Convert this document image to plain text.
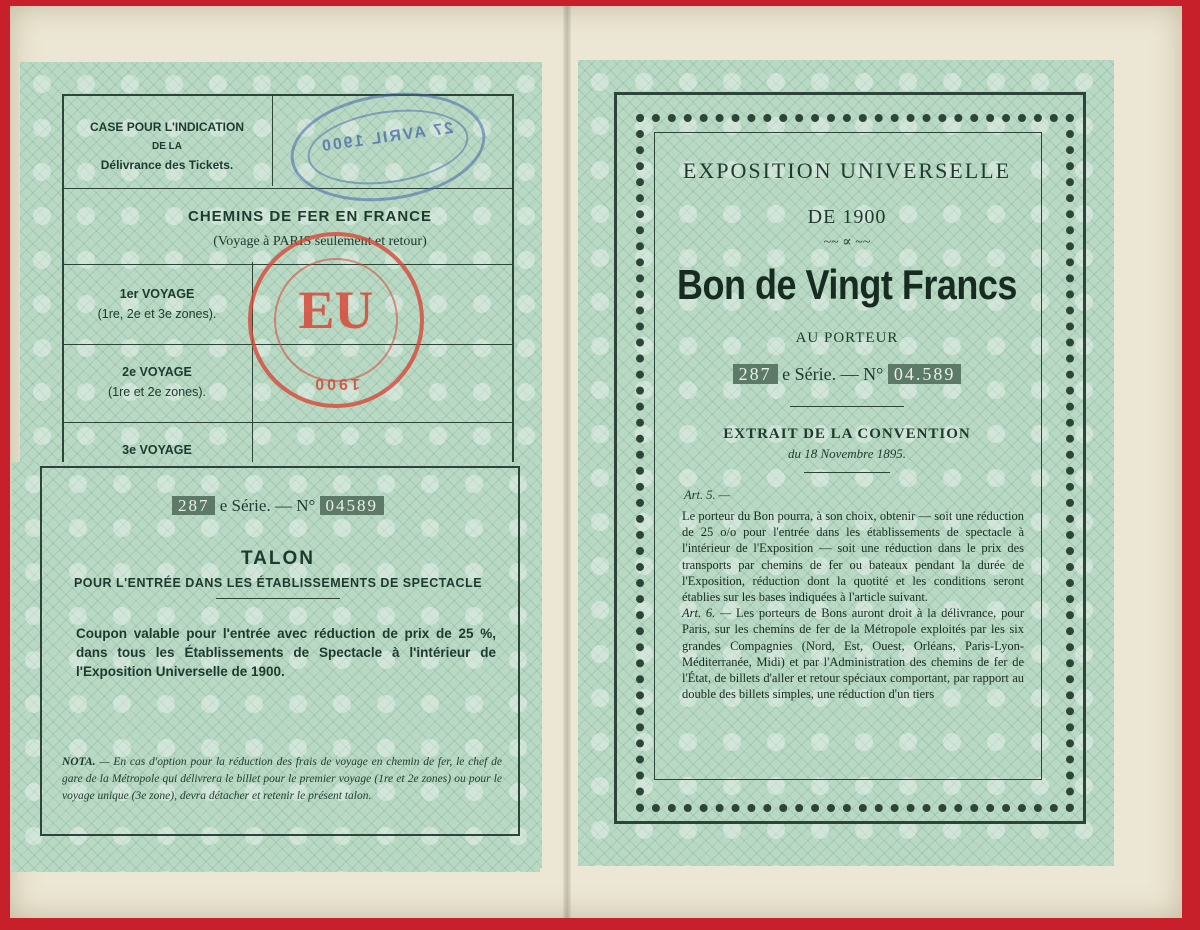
CASE POUR L'INDICATION
DE LA
Délivrance des Tickets.
27 AVRIL 1900
CHEMINS DE FER EN FRANCE
(Voyage à PARIS seulement et retour)
1er VOYAGE
(1re, 2e et 3e zones).
2e VOYAGE
(1re et 2e zones).
3e VOYAGE
EU
1900
287 e Série. — N° 04589
TALON
POUR L'ENTRÉE DANS LES ÉTABLISSEMENTS DE SPECTACLE
Coupon valable pour l'entrée avec réduction de prix de 25 %, dans tous les Établissements de Spectacle à l'intérieur de l'Exposition Universelle de 1900.
NOTA. — En cas d'option pour la réduction des frais de voyage en chemin de fer, le chef de gare de la Métropole qui délivrera le billet pour le premier voyage (1re et 2e zones) ou pour le voyage unique (3e zone), devra détacher et retenir le présent talon.
EXPOSITION UNIVERSELLE
DE 1900
~~ ∝ ~~
Bon de Vingt Francs
AU PORTEUR
287 e Série. — N° 04.589
EXTRAIT DE LA CONVENTION
du 18 Novembre 1895.
Art. 5. —

Le porteur du Bon pourra, à son choix, obtenir — soit une réduction de 25 o/o pour l'entrée dans les établissements de spectacle à l'intérieur de l'Exposition — soit une réduction dans le prix des transports par chemins de fer ou bateaux pendant la durée de l'Exposition, réduction dont la quotité et les conditions seront établies sur les bases indiquées à l'article suivant.

Art. 6. — Les porteurs de Bons auront droit à la délivrance, pour Paris, sur les chemins de fer de la Métropole exploités par les six grandes Compagnies (Nord, Est, Ouest, Orléans, Paris-Lyon-Méditerranée, Midi) et par l'Administration des chemins de fer de l'État, de billets d'aller et retour spéciaux comportant, par rapport au double des billets simples, une réduction d'un tiers
